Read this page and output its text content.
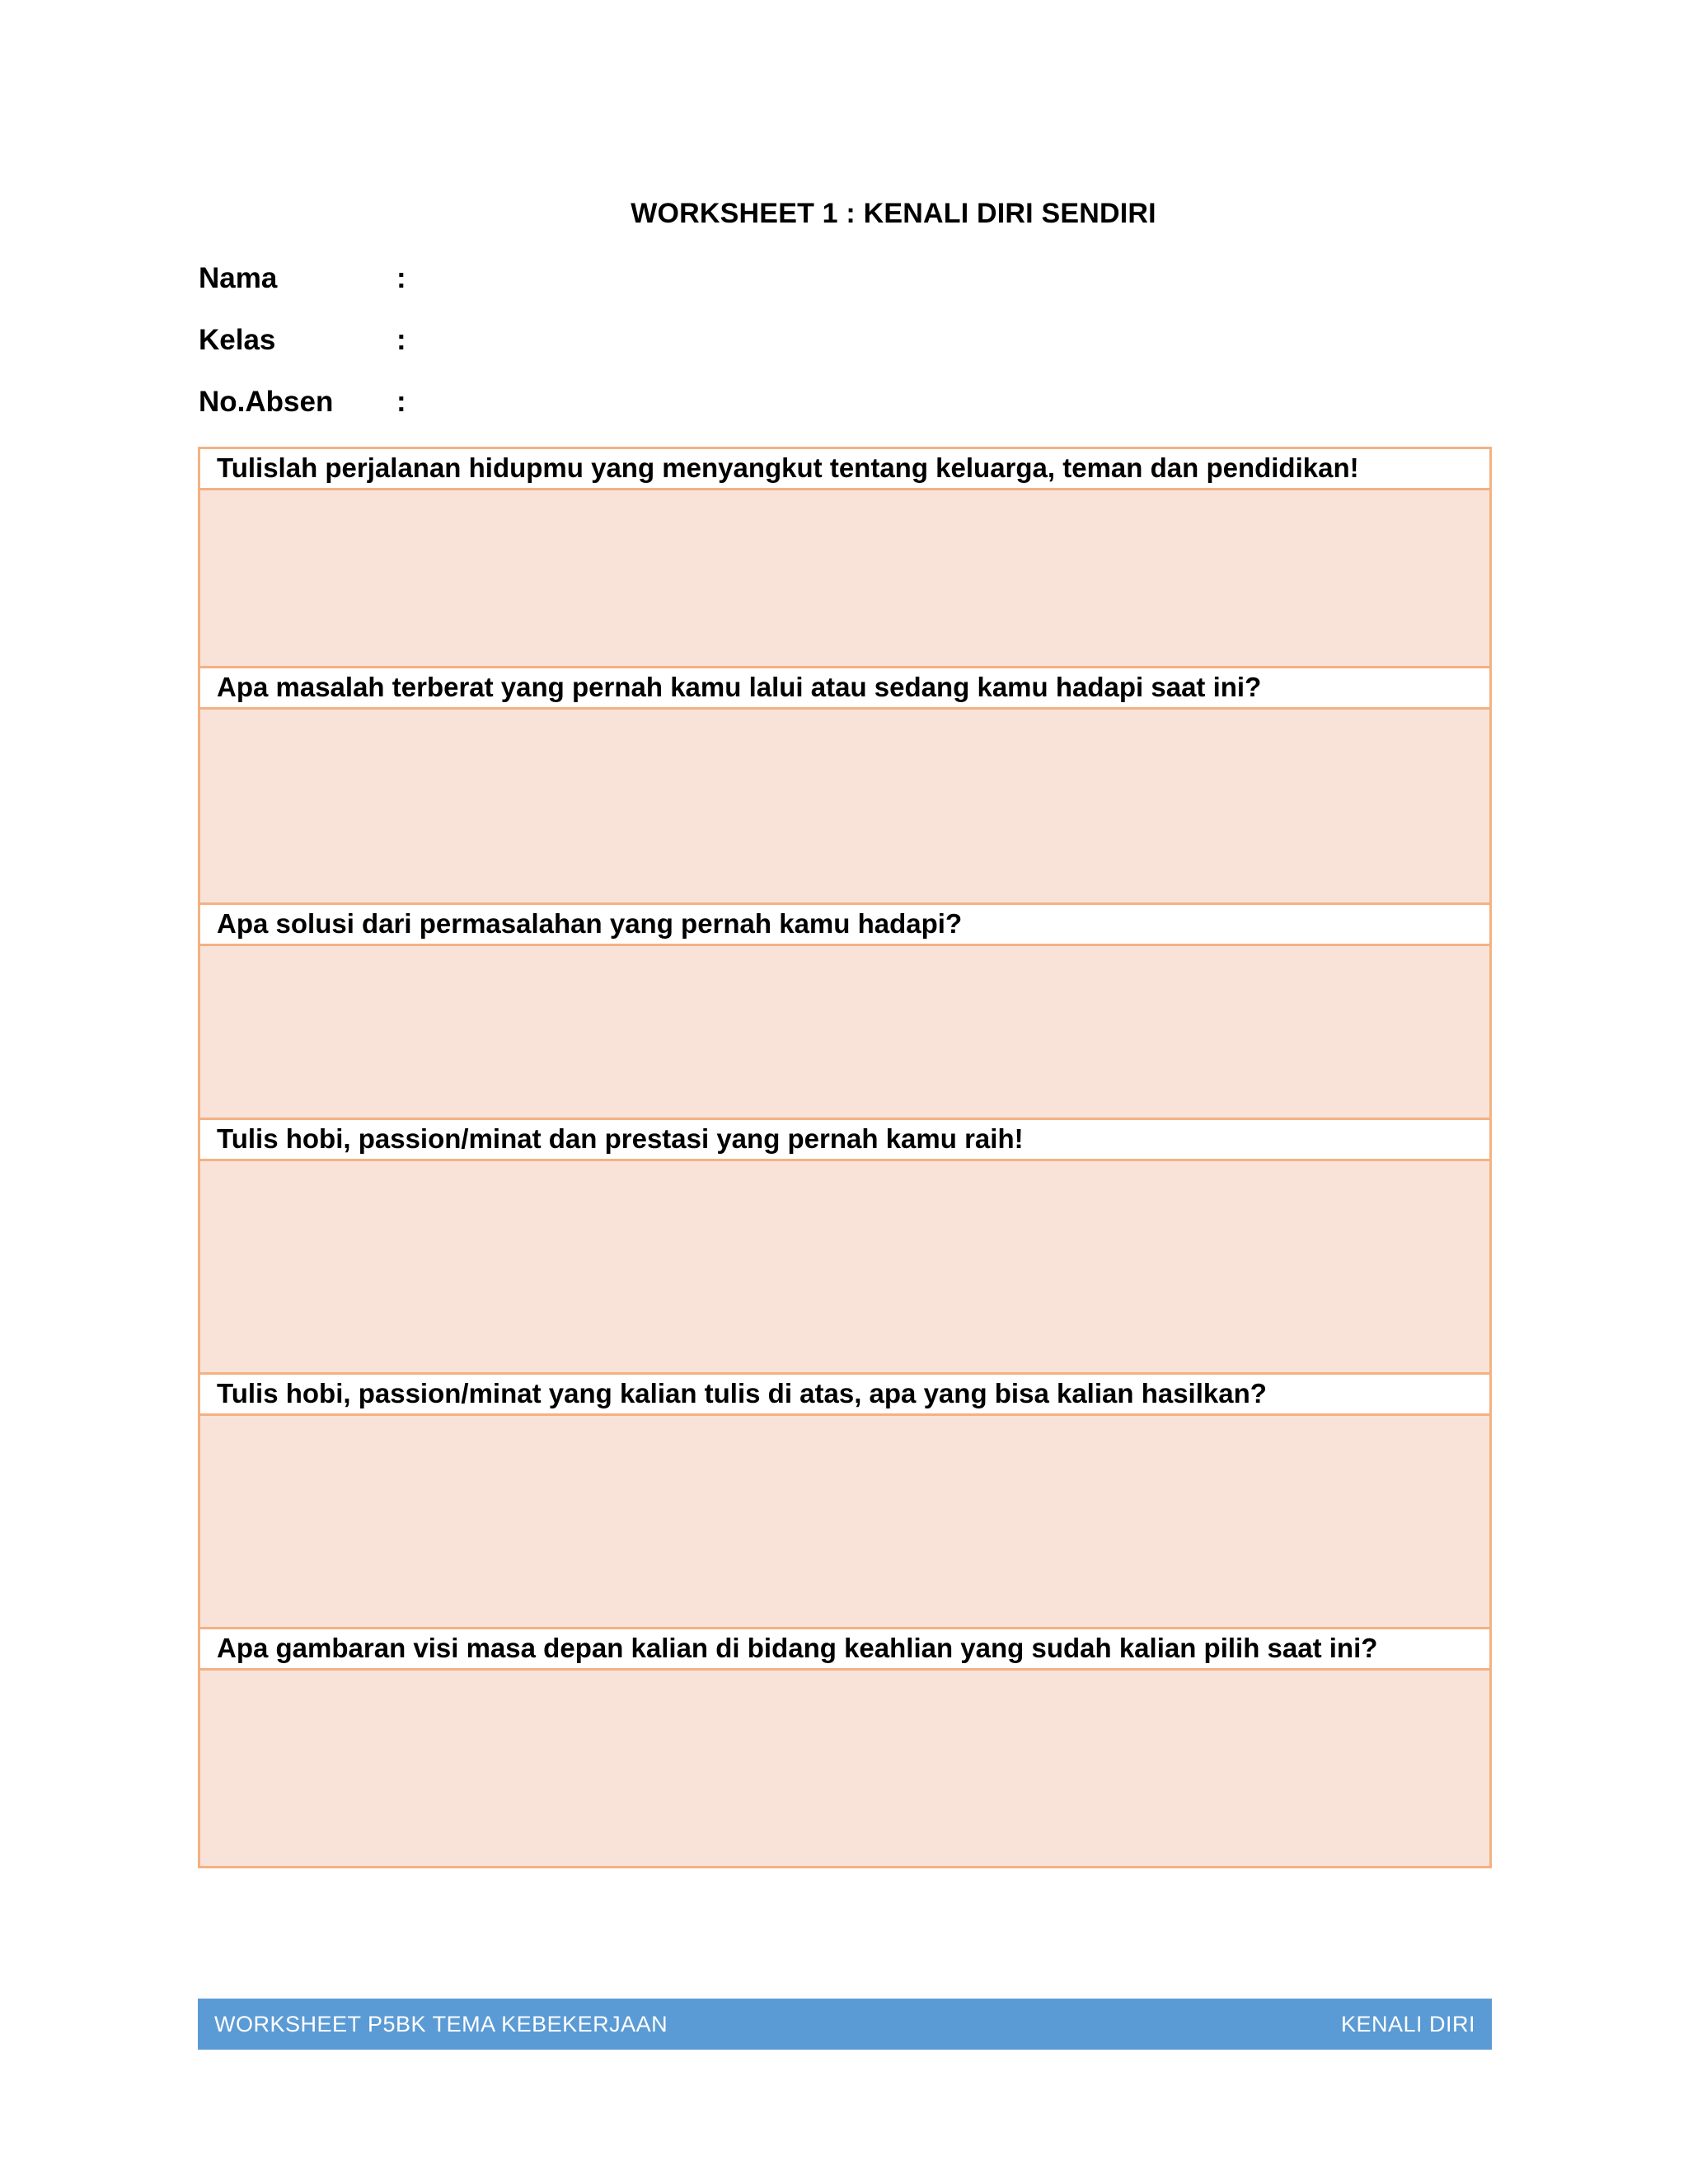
WORKSHEET 1 : KENALI DIRI SENDIRI
Nama	:
Kelas	:
No.Absen :
Tulislah perjalanan hidupmu yang menyangkut tentang keluarga, teman dan pendidikan!
Apa masalah terberat yang pernah kamu lalui atau sedang kamu hadapi saat ini?
Apa solusi dari permasalahan yang pernah kamu hadapi?
Tulis hobi, passion/minat dan prestasi yang pernah kamu raih!
Tulis hobi, passion/minat yang kalian tulis di atas, apa yang bisa kalian hasilkan?
Apa gambaran visi masa depan kalian di bidang keahlian yang sudah kalian pilih saat ini?
WORKSHEET P5BK TEMA KEBEKERJAAN	KENALI DIRI
